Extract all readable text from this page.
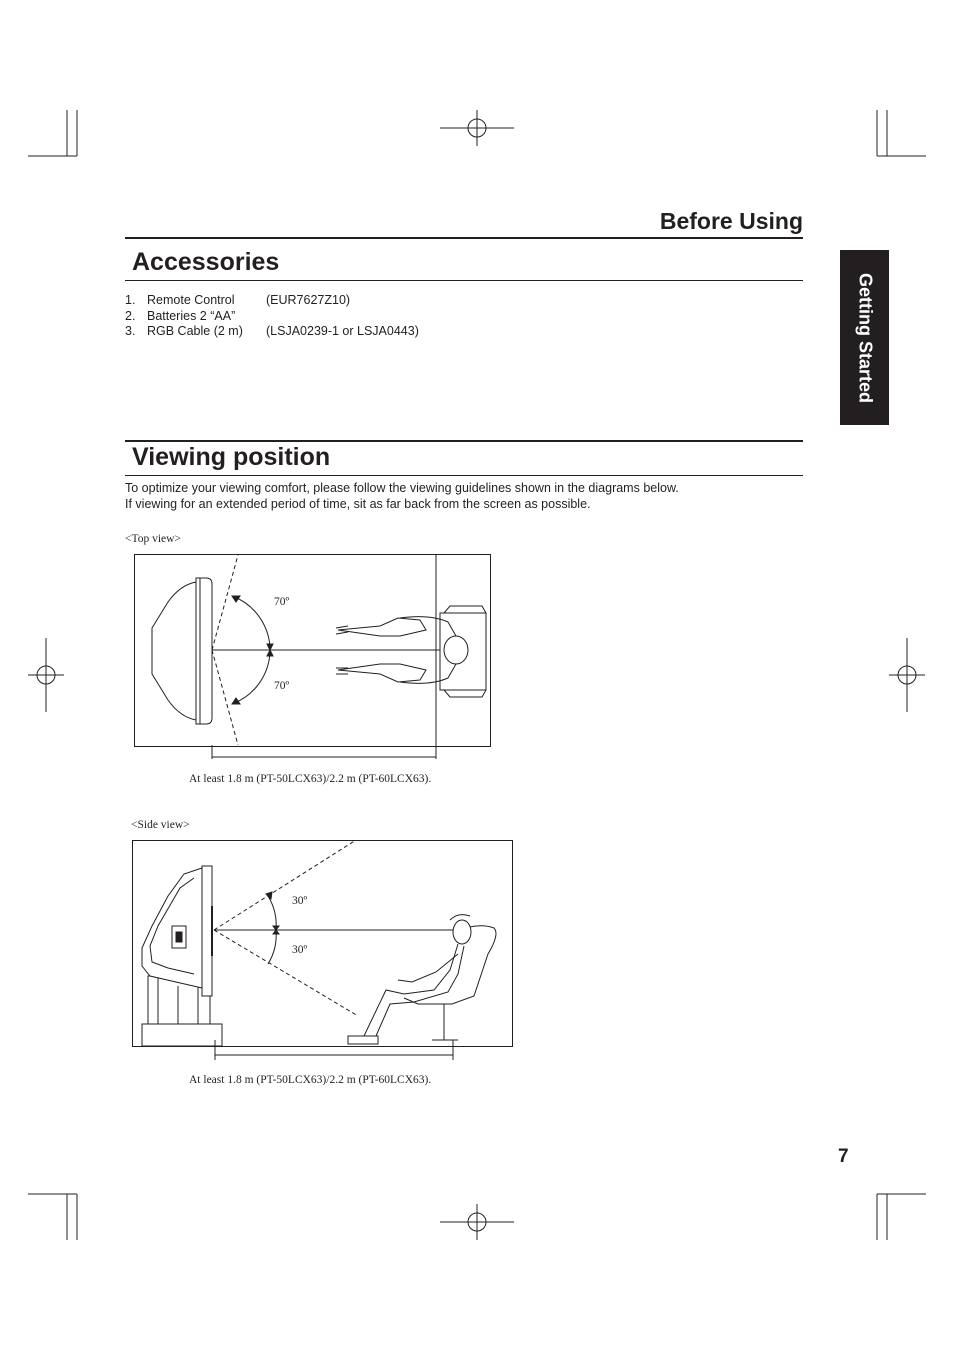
Before Using
Getting Started
Accessories
1. Remote Control	(EUR7627Z10)
2. Batteries 2 “AA”
3. RGB Cable (2 m) (LSJA0239-1 or LSJA0443)
Viewing position
To optimize your viewing comfort, please follow the viewing guidelines shown in the diagrams below.
If viewing for an extended period of time, sit as far back from the screen as possible.
<Top view>
70º
70º
At least 1.8 m (PT-50LCX63)/2.2 m (PT-60LCX63).
<Side view>
30º
30º
At least 1.8 m (PT-50LCX63)/2.2 m (PT-60LCX63).
7
